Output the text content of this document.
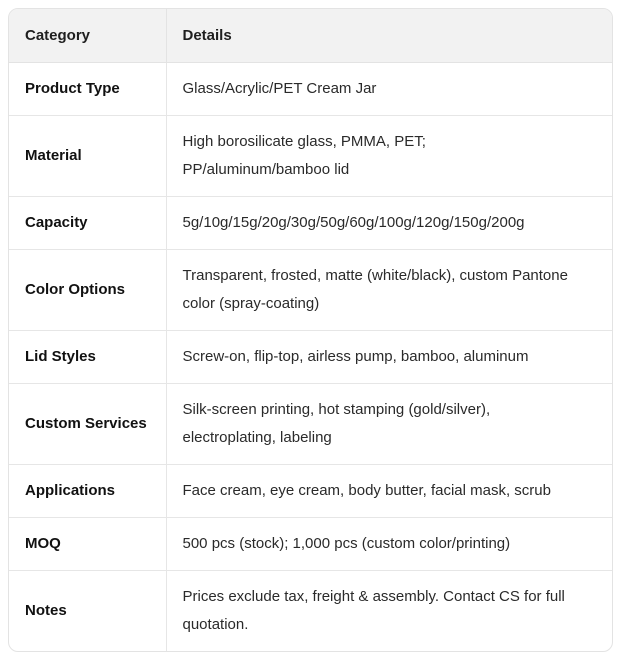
Category	Details
Product Type	Glass/Acrylic/PET Cream Jar
Material	High borosilicate glass, PMMA, PET;
PP/aluminum/bamboo lid
Capacity	5g/10g/15g/20g/30g/50g/60g/100g/120g/150g/200g
Color Options	Transparent, frosted, matte (white/black), custom Pantone
color (spray-coating)
Lid Styles	Screw-on, flip-top, airless pump, bamboo, aluminum
Custom Services	Silk-screen printing, hot stamping (gold/silver),
electroplating, labeling
Applications	Face cream, eye cream, body butter, facial mask, scrub
MOQ	500 pcs (stock); 1,000 pcs (custom color/printing)
Notes	Prices exclude tax, freight & assembly. Contact CS for full
quotation.
